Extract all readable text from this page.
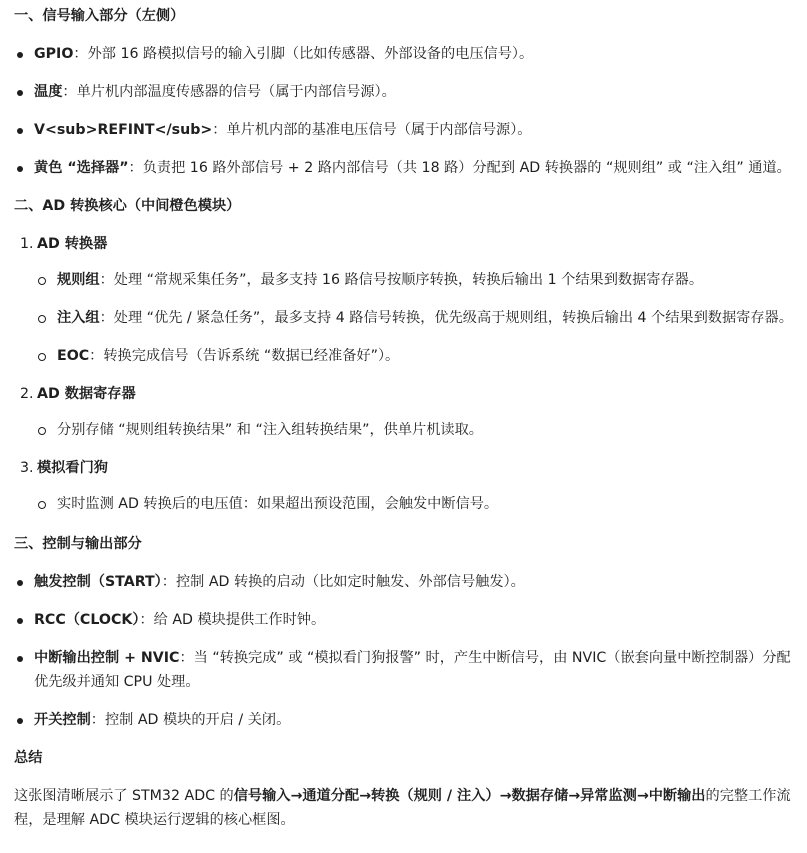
一、信号输入部分（左侧）
GPIO：外部 16 路模拟信号的输入引脚（比如传感器、外部设备的电压信号）。
温度：单片机内部温度传感器的信号（属于内部信号源）。
V<sub>REFINT</sub>：单片机内部的基准电压信号（属于内部信号源）。
黄色 “选择器”：负责把 16 路外部信号 + 2 路内部信号（共 18 路）分配到 AD 转换器的 “规则组” 或 “注入组” 通道。
二、AD 转换核心（中间橙色模块）
1. AD 转换器
规则组：处理 “常规采集任务”，最多支持 16 路信号按顺序转换，转换后输出 1 个结果到数据寄存器。
注入组：处理 “优先 / 紧急任务”，最多支持 4 路信号转换，优先级高于规则组，转换后输出 4 个结果到数据寄存器。
EOC：转换完成信号（告诉系统 “数据已经准备好”）。
2. AD 数据寄存器
分别存储 “规则组转换结果” 和 “注入组转换结果”，供单片机读取。
3. 模拟看门狗
实时监测 AD 转换后的电压值：如果超出预设范围，会触发中断信号。
三、控制与输出部分
触发控制（START）：控制 AD 转换的启动（比如定时触发、外部信号触发）。
RCC（CLOCK）：给 AD 模块提供工作时钟。
中断输出控制 + NVIC：当 “转换完成” 或 “模拟看门狗报警” 时，产生中断信号，由 NVIC（嵌套向量中断控制器）分配优先级并通知 CPU 处理。
开关控制：控制 AD 模块的开启 / 关闭。
总结
这张图清晰展示了 STM32 ADC 的信号输入→通道分配→转换（规则 / 注入）→数据存储→异常监测→中断输出的完整工作流程，是理解 ADC 模块运行逻辑的核心框图。
